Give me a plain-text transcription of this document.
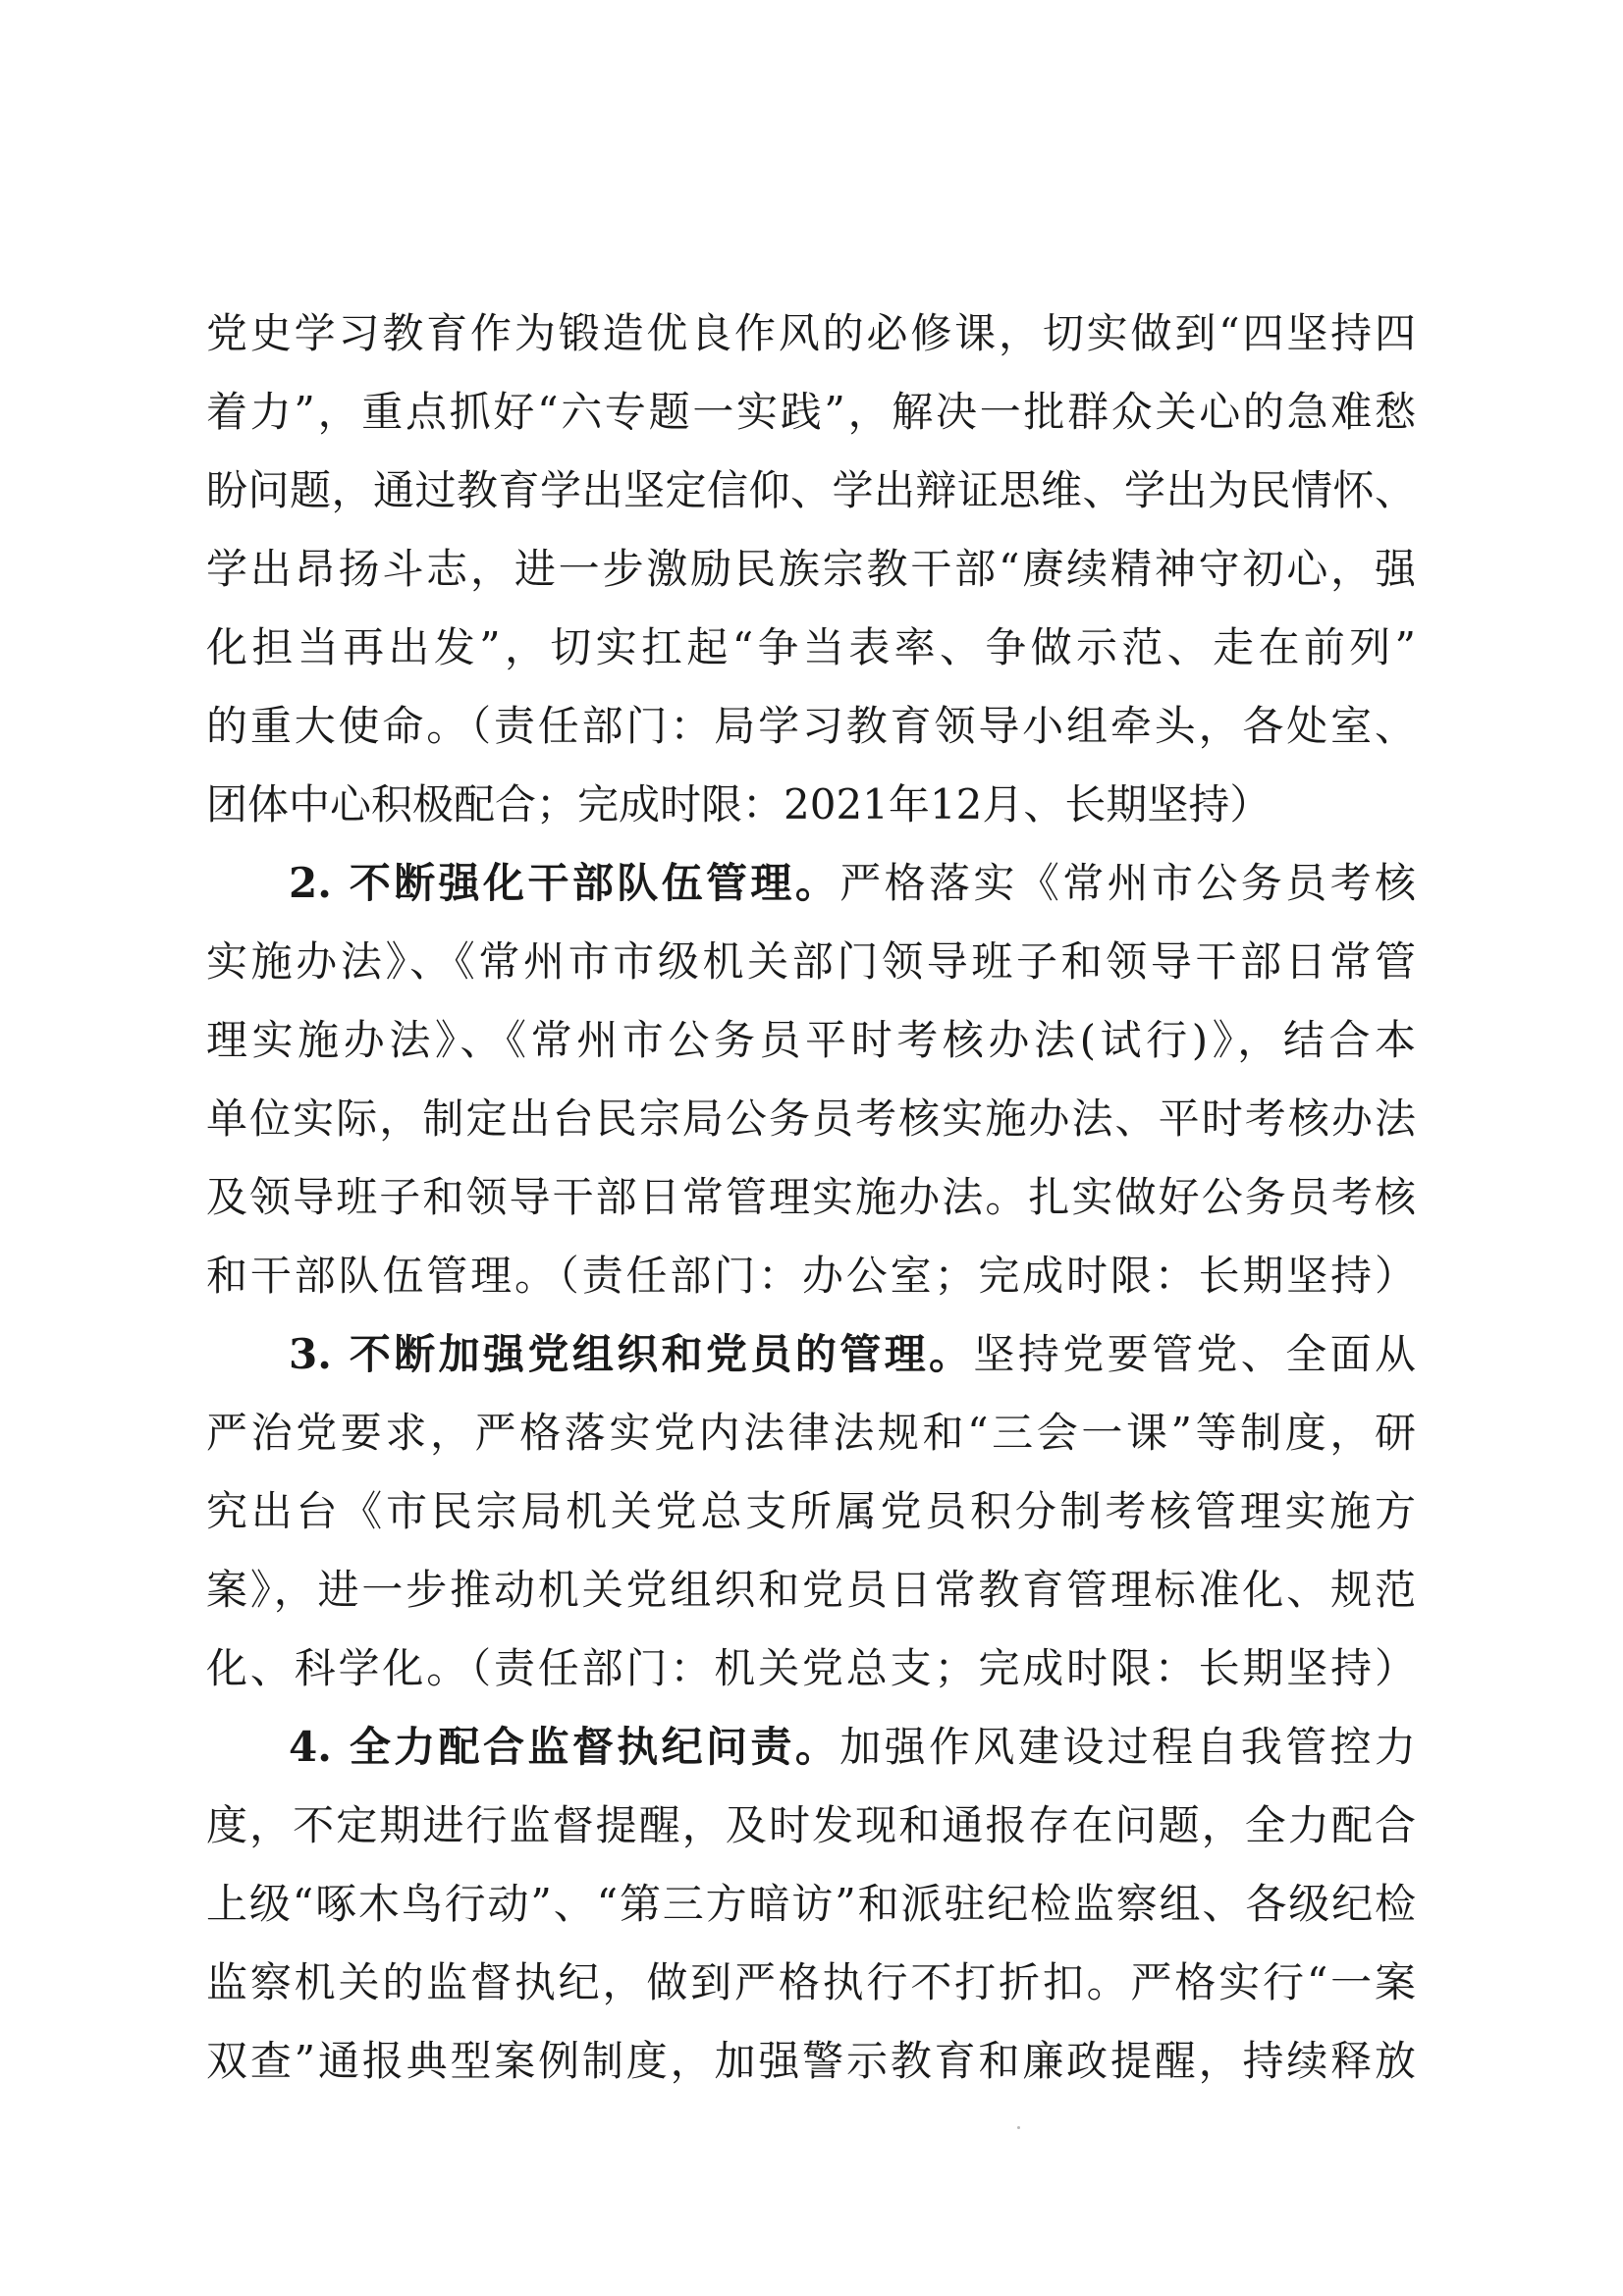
党史学习教育作为锻造优良作风的必修课，切实做到“四坚持四
着力”，重点抓好“六专题一实践”，解决一批群众关心的急难愁
盼问题，通过教育学出坚定信仰、学出辩证思维、学出为民情怀、
学出昂扬斗志，进一步激励民族宗教干部“赓续精神守初心，强
化担当再出发”，切实扛起“争当表率、争做示范、走在前列”
的重大使命。（责任部门：局学习教育领导小组牵头，各处室、
团体中心积极配合；完成时限：2021年12月、长期坚持）
2. 不断强化干部队伍管理。严格落实《常州市公务员考核
实施办法》、《常州市市级机关部门领导班子和领导干部日常管
理实施办法》、《常州市公务员平时考核办法(试行)》，结合本
单位实际，制定出台民宗局公务员考核实施办法、平时考核办法
及领导班子和领导干部日常管理实施办法。扎实做好公务员考核
和干部队伍管理。（责任部门：办公室；完成时限：长期坚持）
3. 不断加强党组织和党员的管理。坚持党要管党、全面从
严治党要求，严格落实党内法律法规和“三会一课”等制度，研
究出台《市民宗局机关党总支所属党员积分制考核管理实施方
案》，进一步推动机关党组织和党员日常教育管理标准化、规范
化、科学化。（责任部门：机关党总支；完成时限：长期坚持）
4. 全力配合监督执纪问责。加强作风建设过程自我管控力
度，不定期进行监督提醒，及时发现和通报存在问题，全力配合
上级“啄木鸟行动”、“第三方暗访”和派驻纪检监察组、各级纪检
监察机关的监督执纪，做到严格执行不打折扣。严格实行“一案
双查”通报典型案例制度，加强警示教育和廉政提醒，持续释放
